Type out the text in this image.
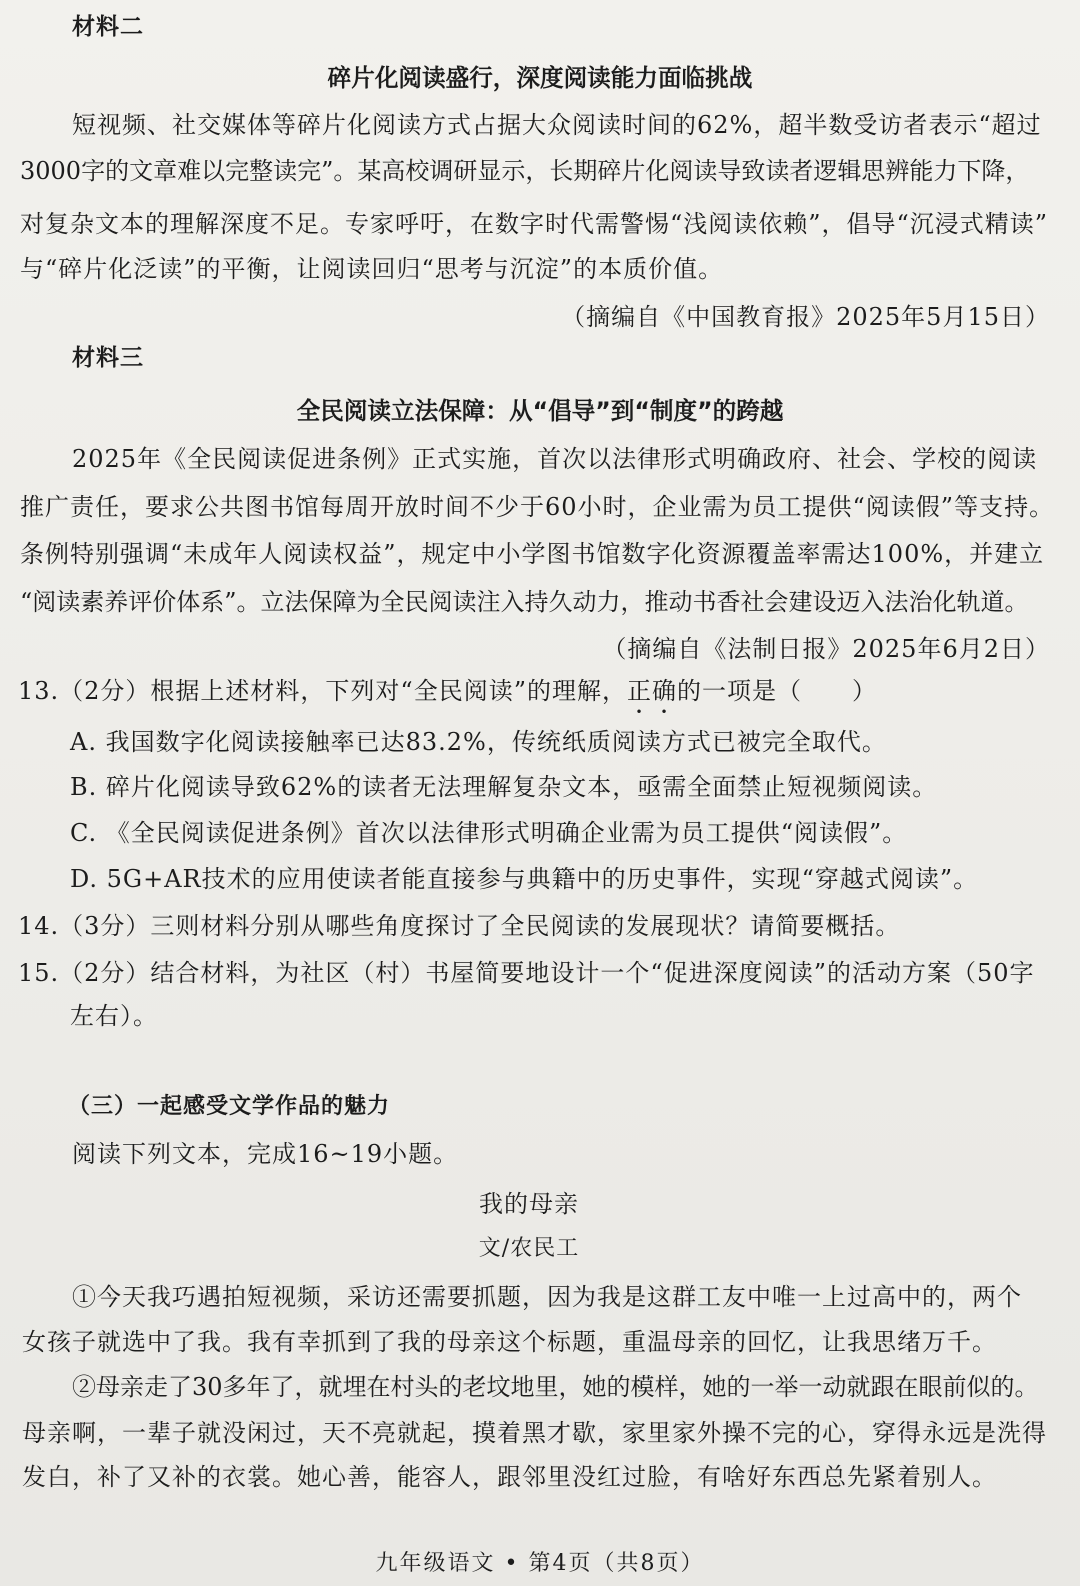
材料二
碎片化阅读盛行，深度阅读能力面临挑战
短视频、社交媒体等碎片化阅读方式占据大众阅读时间的62%，超半数受访者表示“超过
3000字的文章难以完整读完”。某高校调研显示，长期碎片化阅读导致读者逻辑思辨能力下降，
对复杂文本的理解深度不足。专家呼吁，在数字时代需警惕“浅阅读依赖”，倡导“沉浸式精读”
与“碎片化泛读”的平衡，让阅读回归“思考与沉淀”的本质价值。
（摘编自《中国教育报》2025年5月15日）
材料三
全民阅读立法保障：从“倡导”到“制度”的跨越
2025年《全民阅读促进条例》正式实施，首次以法律形式明确政府、社会、学校的阅读
推广责任，要求公共图书馆每周开放时间不少于60小时，企业需为员工提供“阅读假”等支持。
条例特别强调“未成年人阅读权益”，规定中小学图书馆数字化资源覆盖率需达100%，并建立
“阅读素养评价体系”。立法保障为全民阅读注入持久动力，推动书香社会建设迈入法治化轨道。
（摘编自《法制日报》2025年6月2日）
13.（2分）根据上述材料，下列对“全民阅读”的理解，正确的一项是（　　）
A. 我国数字化阅读接触率已达83.2%，传统纸质阅读方式已被完全取代。
B. 碎片化阅读导致62%的读者无法理解复杂文本，亟需全面禁止短视频阅读。
C. 《全民阅读促进条例》首次以法律形式明确企业需为员工提供“阅读假”。
D. 5G+AR技术的应用使读者能直接参与典籍中的历史事件，实现“穿越式阅读”。
14.（3分）三则材料分别从哪些角度探讨了全民阅读的发展现状？请简要概括。
15.（2分）结合材料，为社区（村）书屋简要地设计一个“促进深度阅读”的活动方案（50字
左右）。
（三）一起感受文学作品的魅力
阅读下列文本，完成16~19小题。
我的母亲
文/农民工
①今天我巧遇拍短视频，采访还需要抓题，因为我是这群工友中唯一上过高中的，两个
女孩子就选中了我。我有幸抓到了我的母亲这个标题，重温母亲的回忆，让我思绪万千。
②母亲走了30多年了，就埋在村头的老坟地里，她的模样，她的一举一动就跟在眼前似的。
母亲啊，一辈子就没闲过，天不亮就起，摸着黑才歇，家里家外操不完的心，穿得永远是洗得
发白，补了又补的衣裳。她心善，能容人，跟邻里没红过脸，有啥好东西总先紧着别人。
九年级语文 • 第4页（共8页）
